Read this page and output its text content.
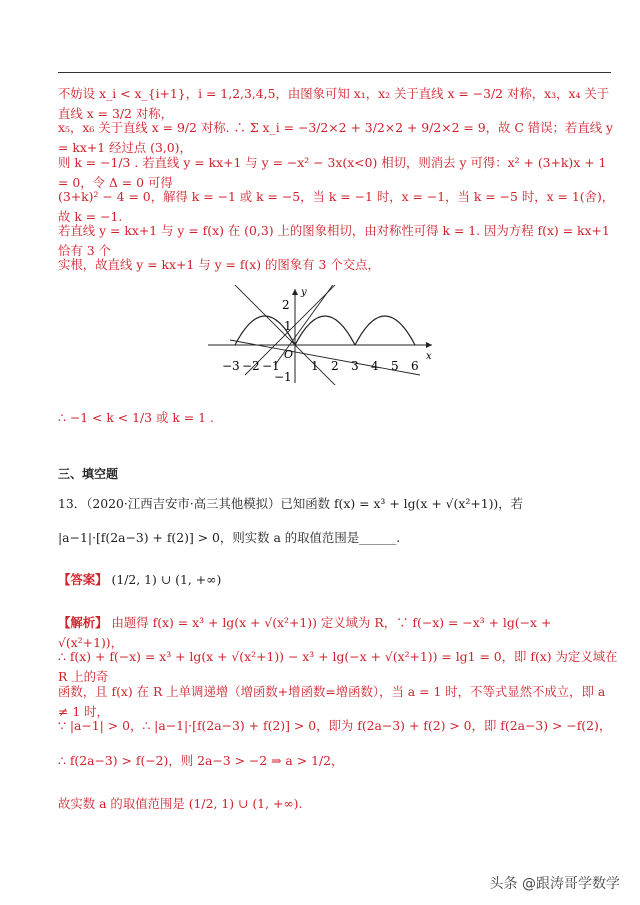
不妨设 x_i < x_{i+1}，i = 1,2,3,4,5，由图象可知 x₁，x₂ 关于直线 x = −3/2 对称，x₃，x₄ 关于直线 x = 3/2 对称，
x₅，x₆ 关于直线 x = 9/2 对称. ∴ Σ x_i = −3/2×2 + 3/2×2 + 9/2×2 = 9，故 C 错误；若直线 y = kx+1 经过点 (3,0)，
则 k = −1/3 . 若直线 y = kx+1 与 y = −x² − 3x(x<0) 相切，则消去 y 可得：x² + (3+k)x + 1 = 0，令 Δ = 0 可得
(3+k)² − 4 = 0，解得 k = −1 或 k = −5，当 k = −1 时，x = −1，当 k = −5 时，x = 1(舍)，故 k = −1.
若直线 y = kx+1 与 y = f(x) 在 (0,3) 上的图象相切，由对称性可得 k = 1. 因为方程 f(x) = kx+1 恰有 3 个
实根，故直线 y = kx+1 与 y = f(x) 的图象有 3 个交点，
−3 −2 −1
O
1 2 3 4 5 6
2
1
−1
x
y
∴ −1 < k < 1/3 或 k = 1 .
三、填空题
13．（2020·江西吉安市·高三其他模拟）已知函数 f(x) = x³ + lg(x + √(x²+1))，若
|a−1|·[f(2a−3) + f(2)] > 0，则实数 a 的取值范围是______.
【答案】 (1/2, 1) ∪ (1, +∞)
【解析】 由题得 f(x) = x³ + lg(x + √(x²+1)) 定义域为 R，∵ f(−x) = −x³ + lg(−x + √(x²+1))，
∴ f(x) + f(−x) = x³ + lg(x + √(x²+1)) − x³ + lg(−x + √(x²+1)) = lg1 = 0，即 f(x) 为定义域在 R 上的奇
函数，且 f(x) 在 R 上单调递增（增函数+增函数=增函数），当 a = 1 时，不等式显然不成立，即 a ≠ 1 时，
∵ |a−1| > 0，∴ |a−1|·[f(2a−3) + f(2)] > 0，即为 f(2a−3) + f(2) > 0，即 f(2a−3) > −f(2)，
∴ f(2a−3) > f(−2)，则 2a−3 > −2 ⇒ a > 1/2，
故实数 a 的取值范围是 (1/2, 1) ∪ (1, +∞).
头条 @跟涛哥学数学
